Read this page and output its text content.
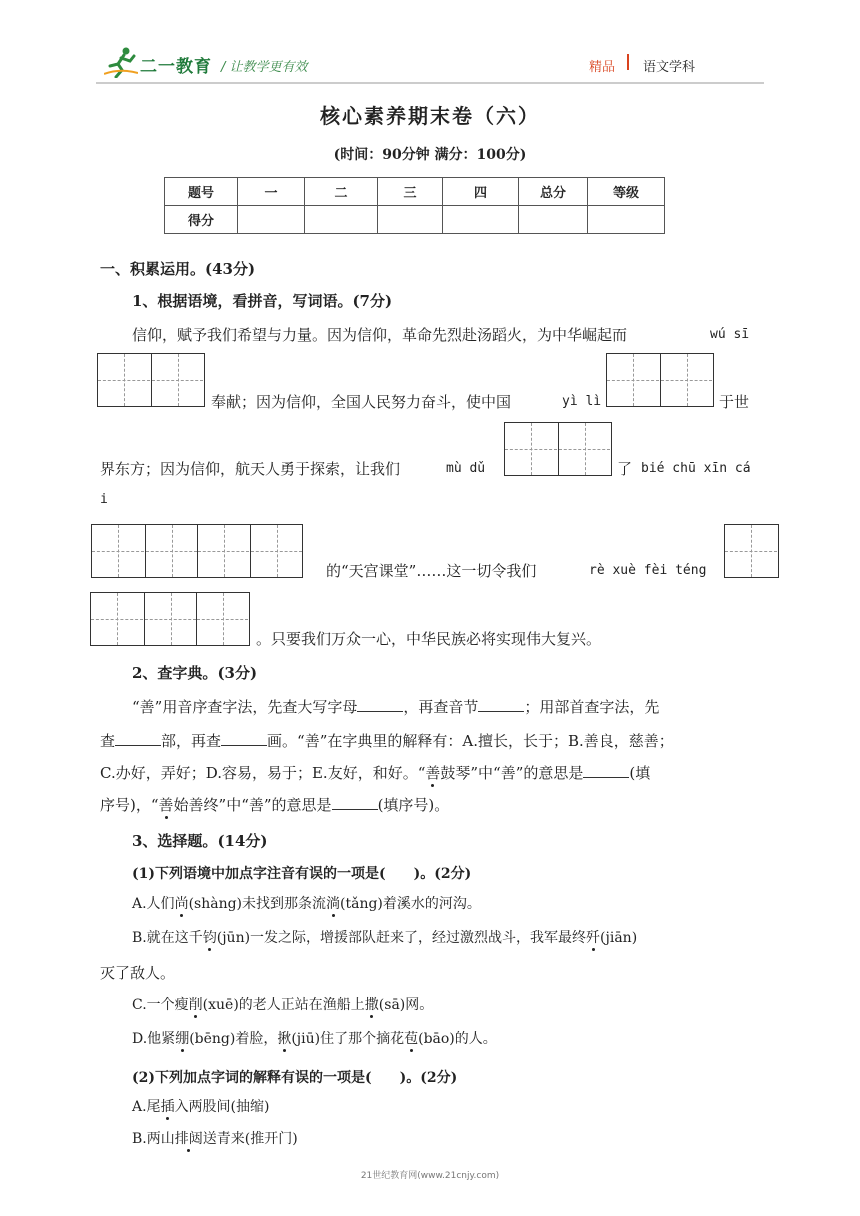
二一教育 / 让教学更有效	精品 语文学科
核心素养期末卷（六）
(时间：90分钟 满分：100分)
题号	一	二	三	四	总分	等级
得分						
一、积累运用。(43分)
1、根据语境，看拼音，写词语。(7分)
信仰，赋予我们希望与力量。因为信仰，革命先烈赴汤蹈火，为中华崛起而	wú sī
奉献；因为信仰，全国人民努力奋斗，使中国	yì lì	于世
界东方；因为信仰，航天人勇于探索，让我们	mù dǔ	了 bié chū xīn cá
i
的“天宫课堂”……这一切令我们	rè xuè fèi téng
。只要我们万众一心，中华民族必将实现伟大复兴。
2、查字典。(3分)
“善”用音序查字法，先查大写字母	，再查音节	；用部首查字法，先
查	部，再查	画。“善”在字典里的解释有：A.擅长，长于；B.善良，慈善；
C.办好，弄好；D.容易，易于；E.友好，和好。“善鼓琴”中“善”的意思是	(填
序号)，“善始善终”中“善”的意思是	(填序号)。
3、选择题。(14分)
(1)下列语境中加点字注音有误的一项是(　　)。(2分)
A.人们尚(shàng)未找到那条流淌(tǎng)着溪水的河沟。
B.就在这千钧(jūn)一发之际，增援部队赶来了，经过激烈战斗，我军最终歼(jiān)
灭了敌人。
C.一个瘦削(xuē)的老人正站在渔船上撒(sā)网。
D.他紧绷(bēng)着脸，揪(jiū)住了那个摘花苞(bāo)的人。
(2)下列加点字词的解释有误的一项是(　　)。(2分)
A.尾插入两股间(抽缩)
B.两山排闼送青来(推开门)
21世纪教育网(www.21cnjy.com)
